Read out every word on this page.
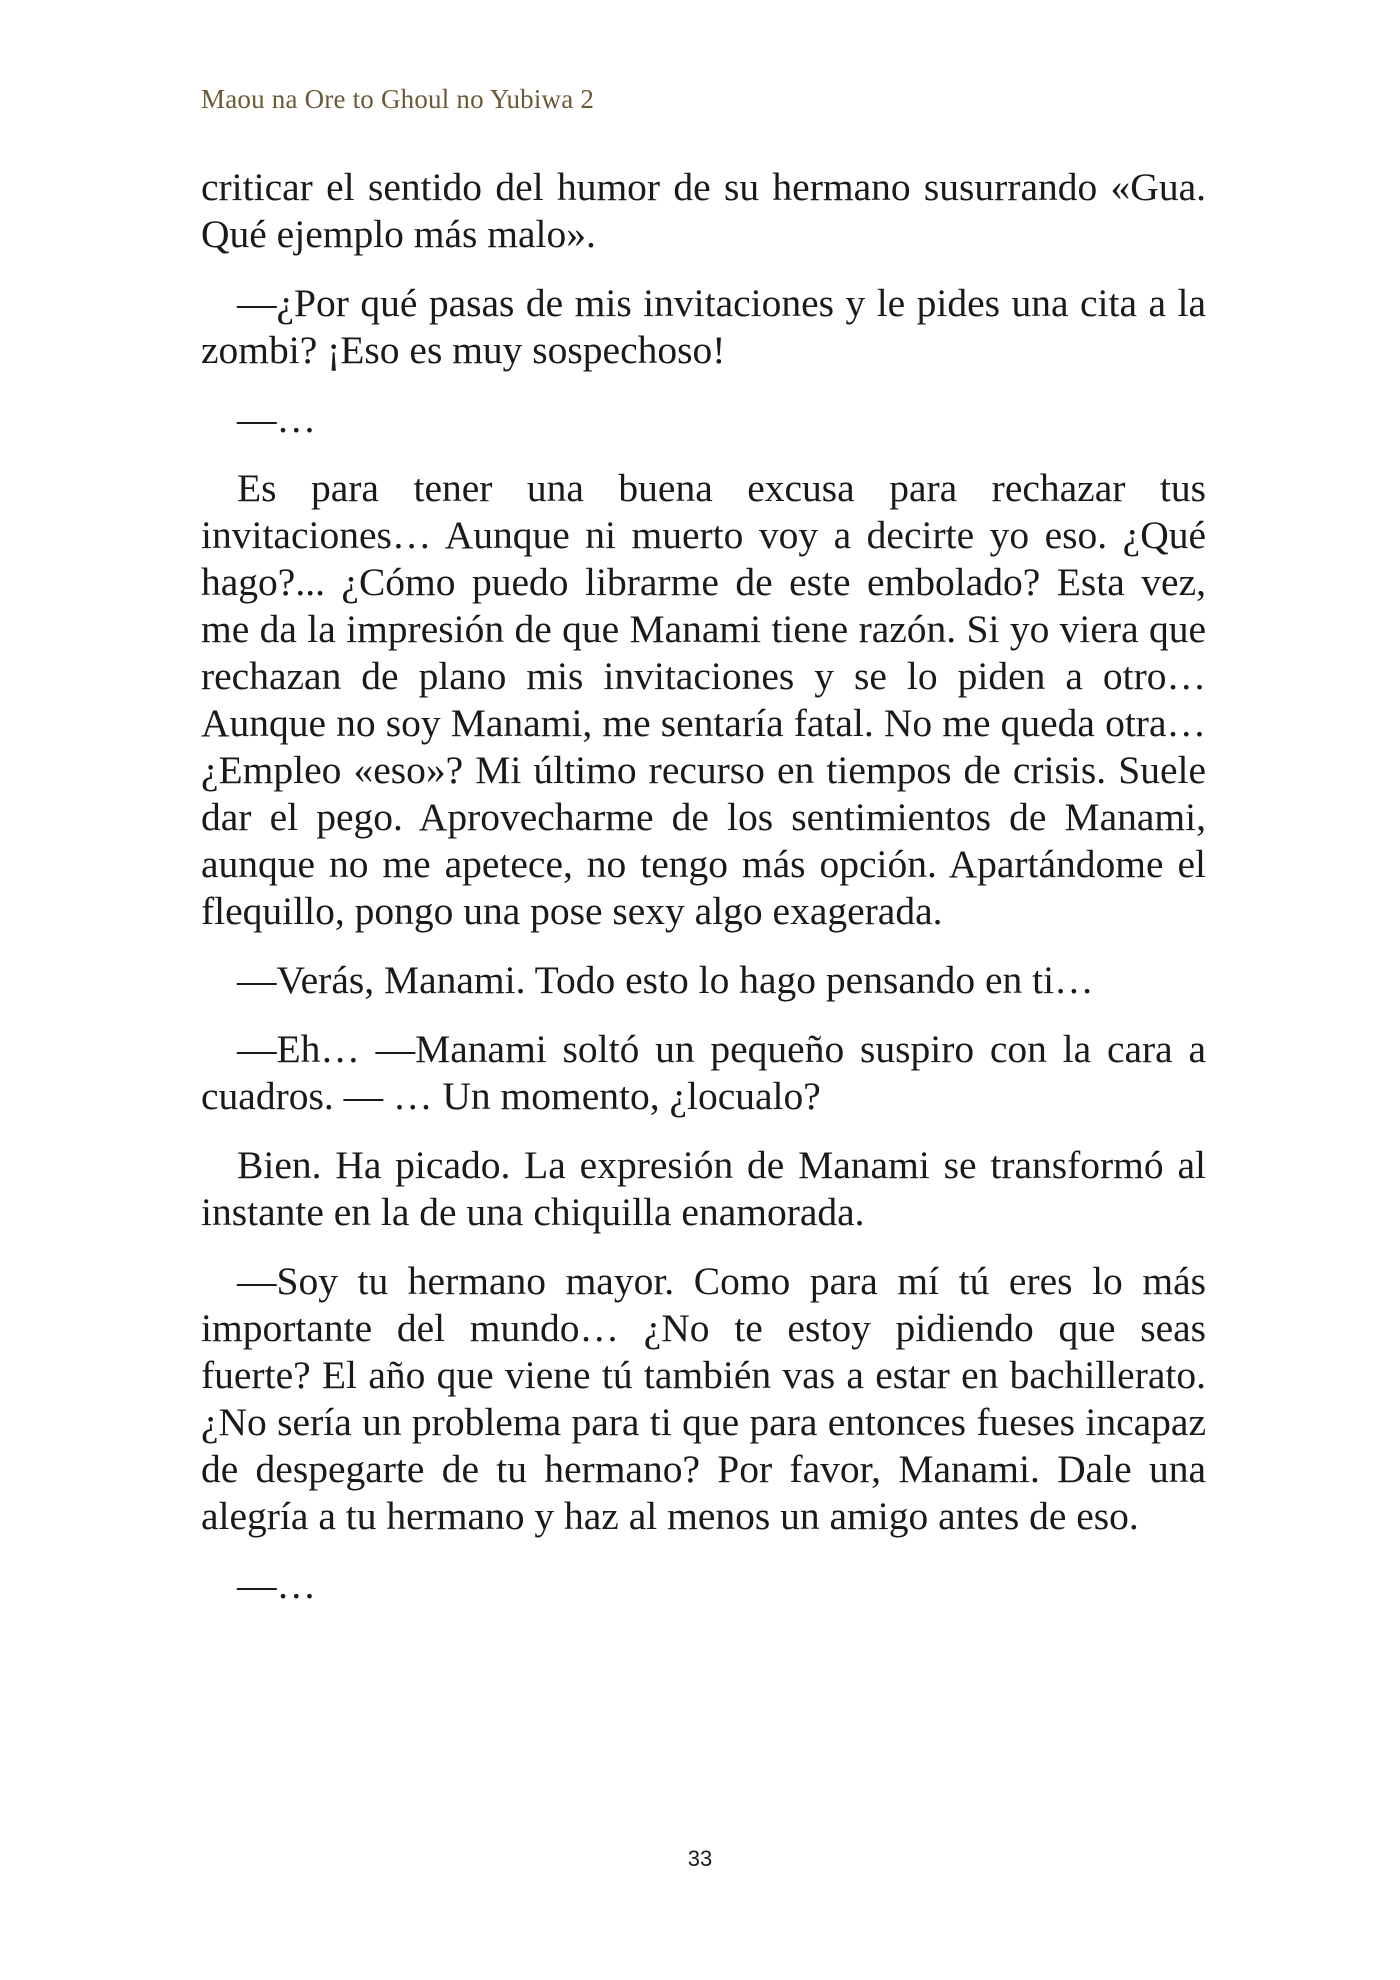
Maou na Ore to Ghoul no Yubiwa 2

criticar el sentido del humor de su hermano susurrando «Gua. Qué ejemplo más malo».

—¿Por qué pasas de mis invitaciones y le pides una cita a la zombi? ¡Eso es muy sospechoso!

—…

Es para tener una buena excusa para rechazar tus invitaciones… Aunque ni muerto voy a decirte yo eso. ¿Qué hago?... ¿Cómo puedo librarme de este embolado? Esta vez, me da la impresión de que Manami tiene razón. Si yo viera que rechazan de plano mis invitaciones y se lo piden a otro… Aunque no soy Manami, me sentaría fatal. No me queda otra… ¿Empleo «eso»? Mi último recurso en tiempos de crisis. Suele dar el pego. Aprovecharme de los sentimientos de Manami, aunque no me apetece, no tengo más opción. Apartándome el flequillo, pongo una pose sexy algo exagerada.

—Verás, Manami. Todo esto lo hago pensando en ti…

—Eh… —Manami soltó un pequeño suspiro con la cara a cuadros. — … Un momento, ¿locualo?

Bien. Ha picado. La expresión de Manami se transformó al instante en la de una chiquilla enamorada.

—Soy tu hermano mayor. Como para mí tú eres lo más importante del mundo… ¿No te estoy pidiendo que seas fuerte? El año que viene tú también vas a estar en bachillerato. ¿No sería un problema para ti que para entonces fueses incapaz de despegarte de tu hermano? Por favor, Manami. Dale una alegría a tu hermano y haz al menos un amigo antes de eso.

—…

33
